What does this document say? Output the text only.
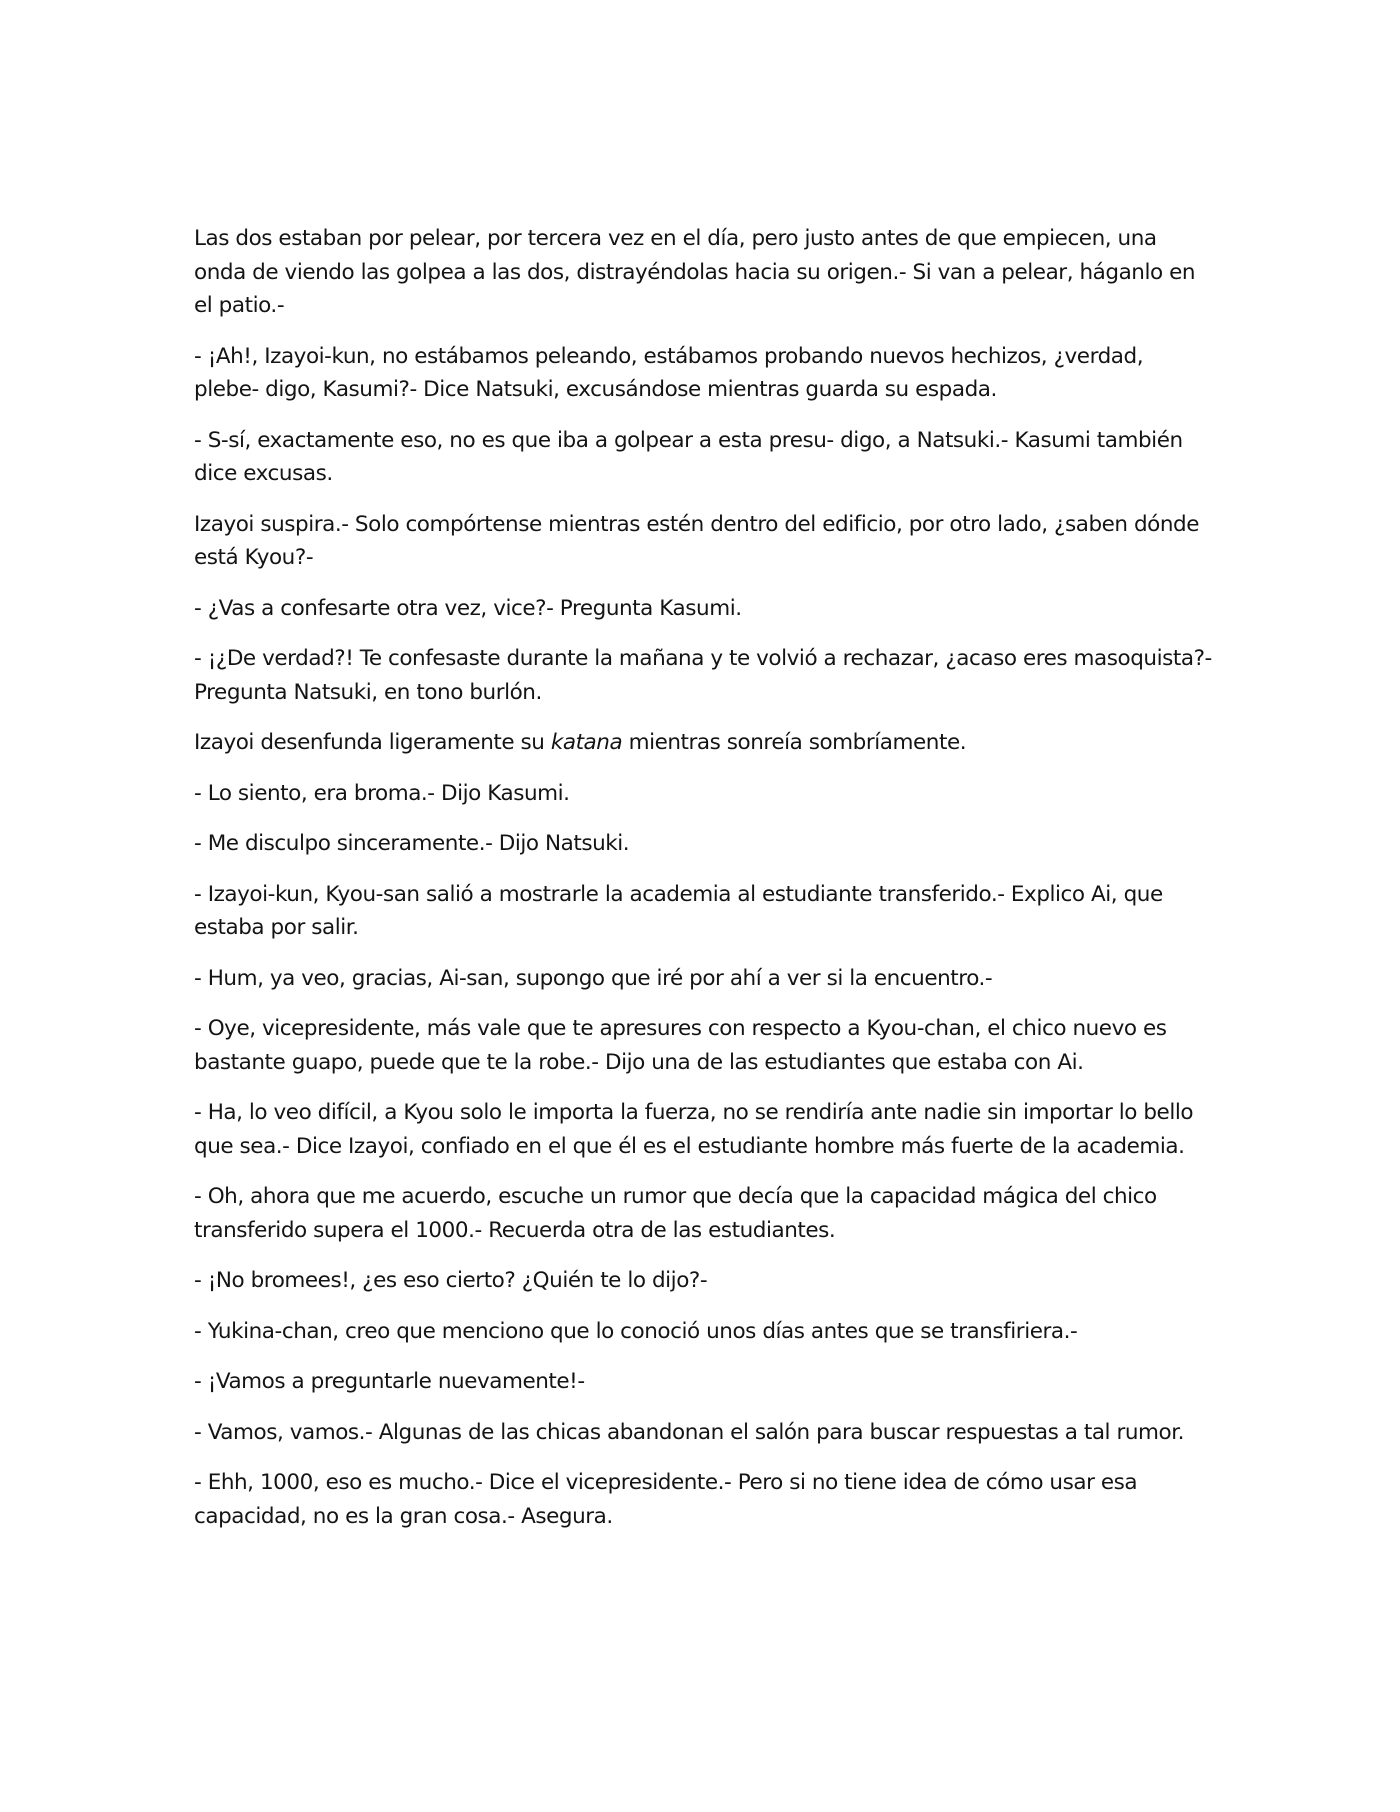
Las dos estaban por pelear, por tercera vez en el día, pero justo antes de que empiecen, una onda de viendo las golpea a las dos, distrayéndolas hacia su origen.- Si van a pelear, háganlo en el patio.-

- ¡Ah!, Izayoi-kun, no estábamos peleando, estábamos probando nuevos hechizos, ¿verdad, plebe- digo, Kasumi?- Dice Natsuki, excusándose mientras guarda su espada.

- S-sí, exactamente eso, no es que iba a golpear a esta presu- digo, a Natsuki.- Kasumi también dice excusas.

Izayoi suspira.- Solo compórtense mientras estén dentro del edificio, por otro lado, ¿saben dónde está Kyou?-

- ¿Vas a confesarte otra vez, vice?- Pregunta Kasumi.

- ¡¿De verdad?! Te confesaste durante la mañana y te volvió a rechazar, ¿acaso eres masoquista?- Pregunta Natsuki, en tono burlón.

Izayoi desenfunda ligeramente su katana mientras sonreía sombríamente.

- Lo siento, era broma.- Dijo Kasumi.

- Me disculpo sinceramente.- Dijo Natsuki.

- Izayoi-kun, Kyou-san salió a mostrarle la academia al estudiante transferido.- Explico Ai, que estaba por salir.

- Hum, ya veo, gracias, Ai-san, supongo que iré por ahí a ver si la encuentro.-

- Oye, vicepresidente, más vale que te apresures con respecto a Kyou-chan, el chico nuevo es bastante guapo, puede que te la robe.- Dijo una de las estudiantes que estaba con Ai.

- Ha, lo veo difícil, a Kyou solo le importa la fuerza, no se rendiría ante nadie sin importar lo bello que sea.- Dice Izayoi, confiado en el que él es el estudiante hombre más fuerte de la academia.

- Oh, ahora que me acuerdo, escuche un rumor que decía que la capacidad mágica del chico transferido supera el 1000.- Recuerda otra de las estudiantes.

- ¡No bromees!, ¿es eso cierto? ¿Quién te lo dijo?-

- Yukina-chan, creo que menciono que lo conoció unos días antes que se transfiriera.-

- ¡Vamos a preguntarle nuevamente!-

- Vamos, vamos.- Algunas de las chicas abandonan el salón para buscar respuestas a tal rumor.

- Ehh, 1000, eso es mucho.- Dice el vicepresidente.- Pero si no tiene idea de cómo usar esa capacidad, no es la gran cosa.- Asegura.
